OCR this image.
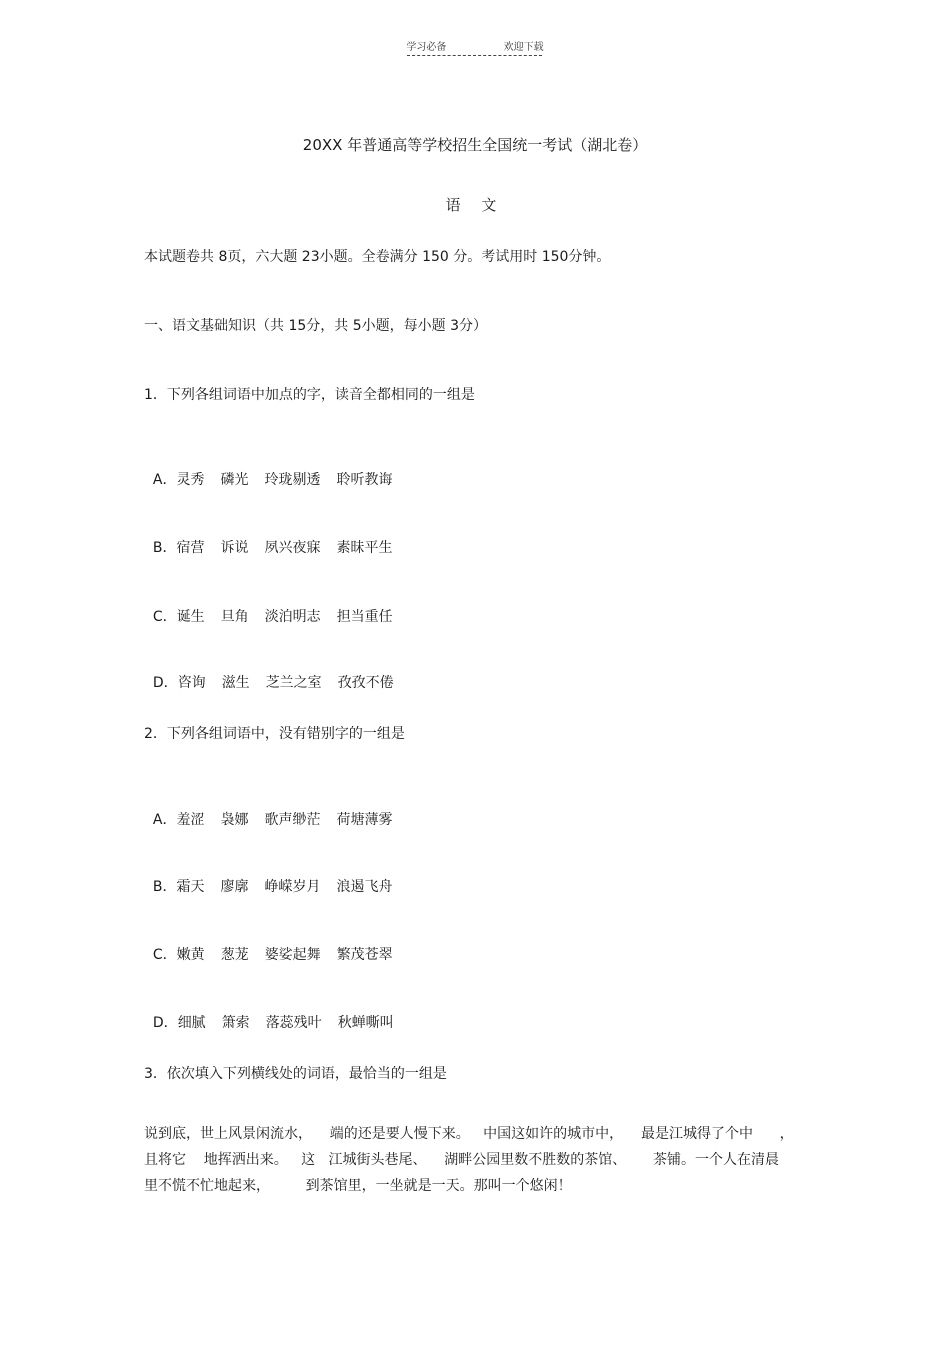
学习必备	欢迎下载
20XX 年普通高等学校招生全国统一考试（湖北卷）
语 文
本试题卷共 8页，六大题 23小题。全卷满分 150 分。考试用时 150分钟。
一、语文基础知识（共 15分，共 5小题，每小题 3分）
1．下列各组词语中加点的字，读音全都相同的一组是

A．灵秀 磷光 玲珑剔透 聆听教诲

B．宿营 诉说 夙兴夜寐 素昧平生

C．诞生 旦角 淡泊明志 担当重任

D．咨询 滋生 芝兰之室 孜孜不倦

2．下列各组词语中，没有错别字的一组是

A．羞涩 袅娜 歌声缈茫 荷塘薄雾

B．霜天 廖廓 峥嵘岁月 浪遏飞舟

C．嫩黄 葱茏 婆娑起舞 繁茂苍翠

D．细腻 箫索 落蕊残叶 秋蝉嘶叫

3．依次填入下列横线处的词语，最恰当的一组是
说到底，世上风景闲流水，    端的还是要人慢下来。   中国这如许的城市中，    最是江城得了个中      ，
且将它    地挥洒出来。   这   江城街头巷尾、    湖畔公园里数不胜数的茶馆、      茶铺。一个人在清晨
里不慌不忙地起来，        到茶馆里，一坐就是一天。那叫一个悠闲！
